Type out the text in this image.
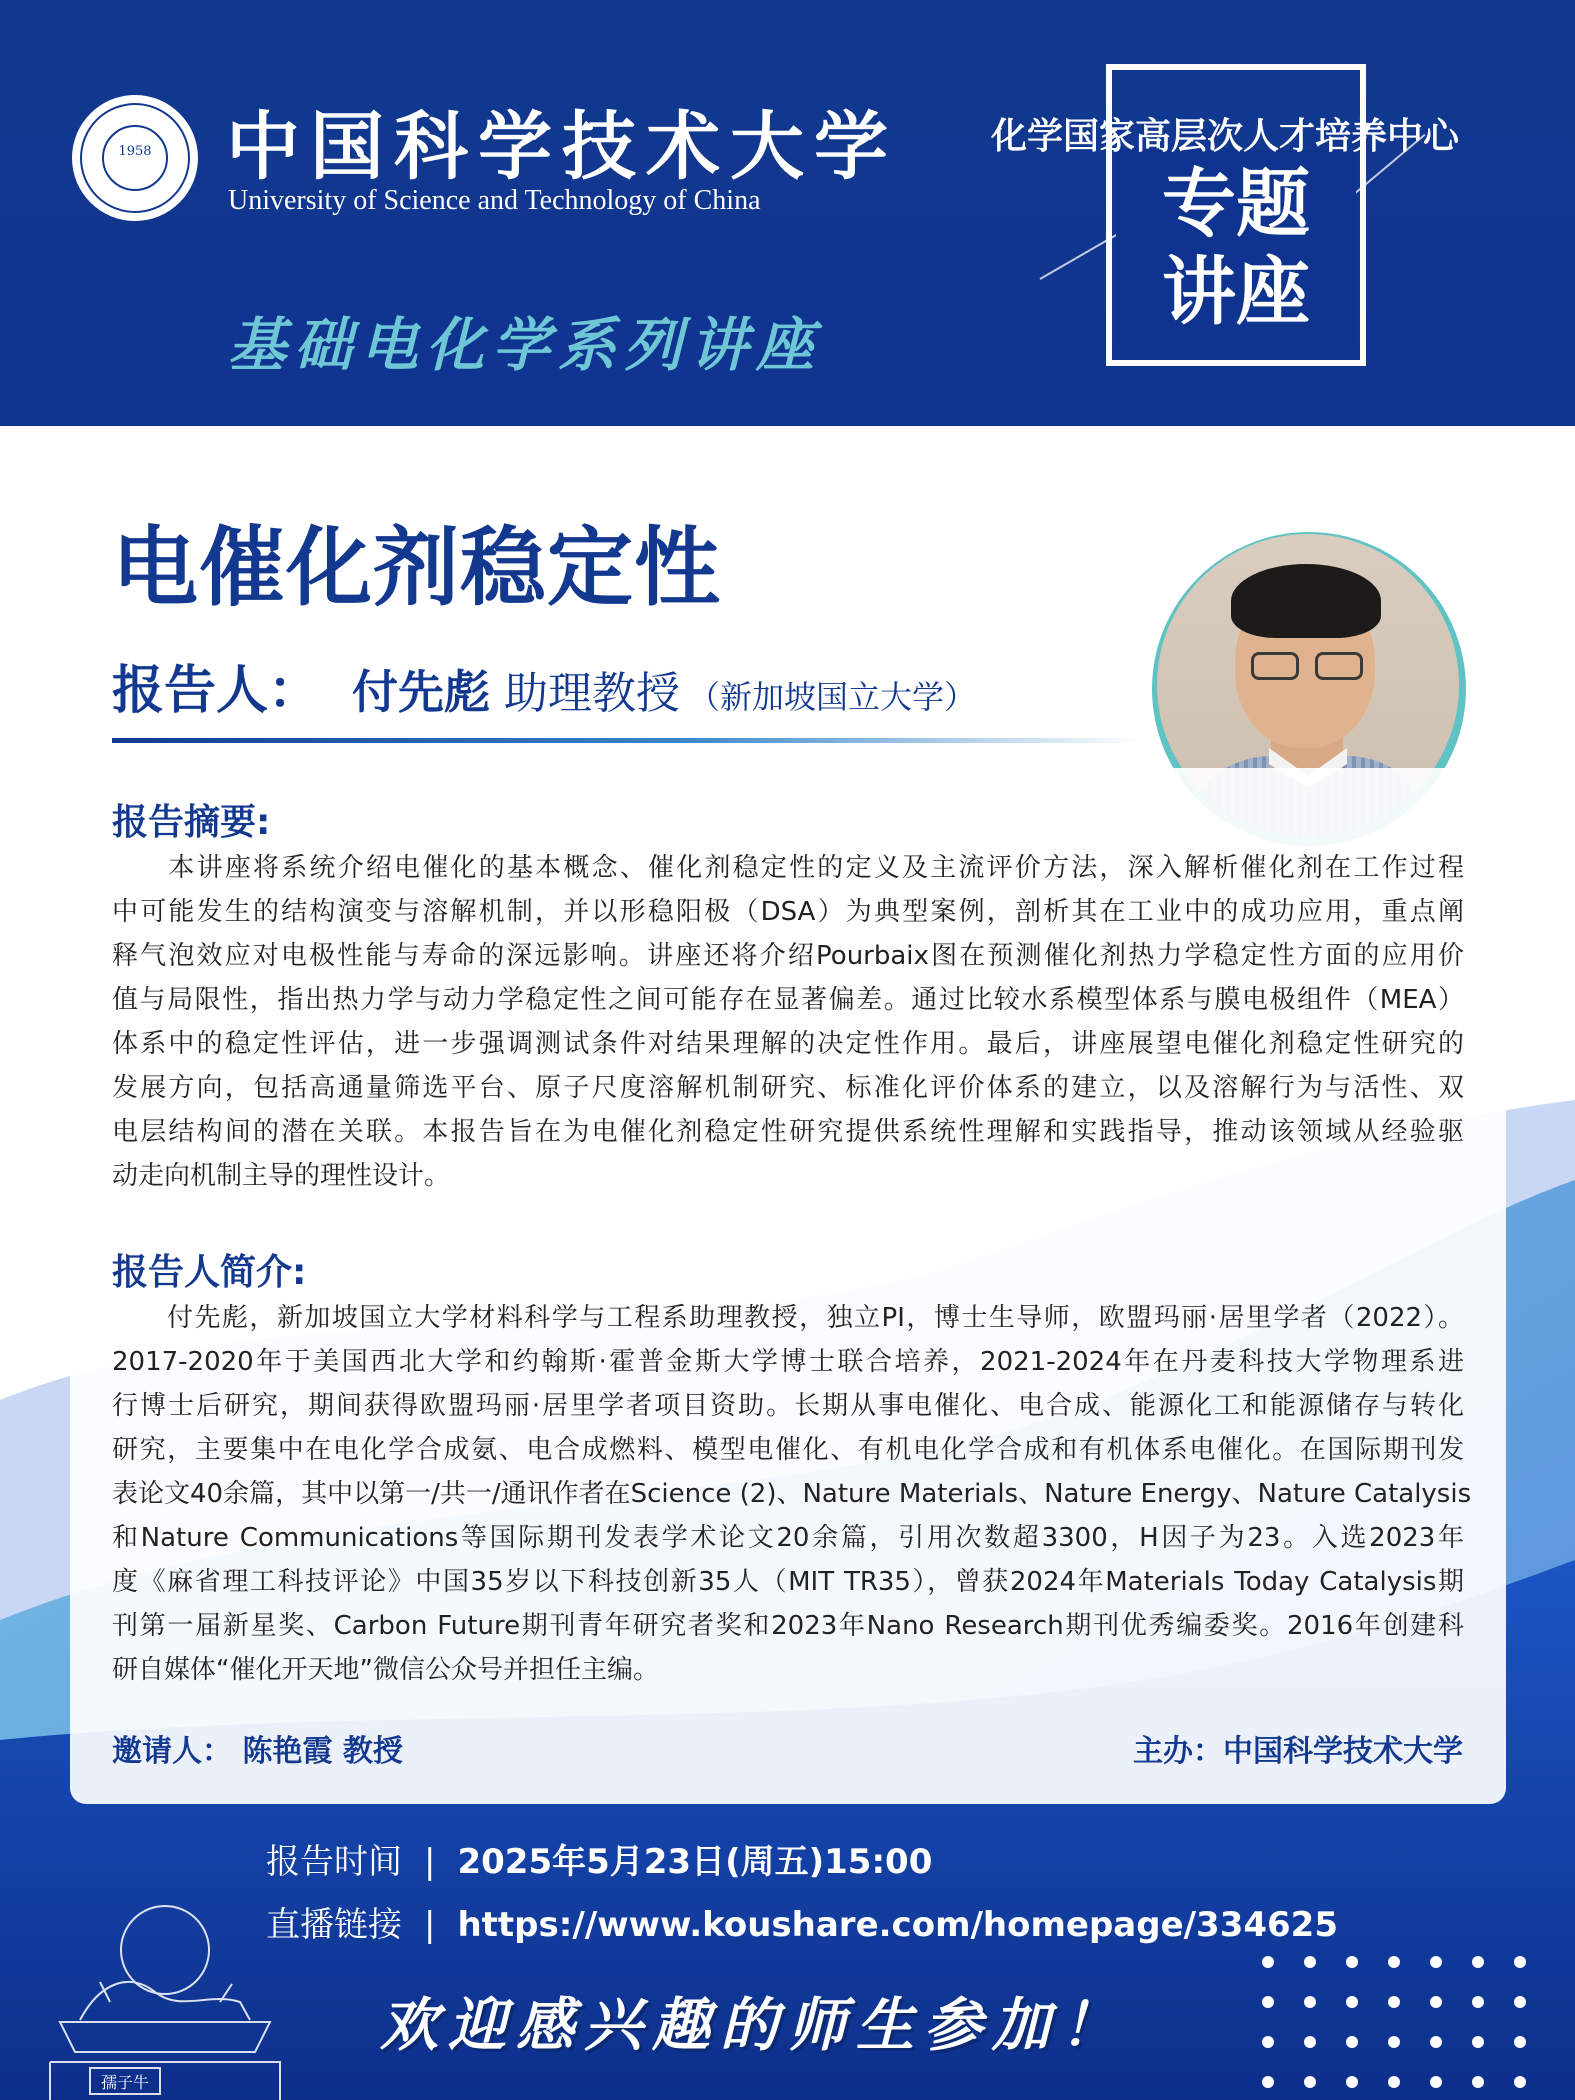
1958	中国科学技术大学
University of Science and Technology of China
基础电化学系列讲座
化学国家高层次人才培养中心
专题
讲座
电催化剂稳定性
报告人： 付先彪 助理教授 （新加坡国立大学）
报告摘要:
　　本讲座将系统介绍电催化的基本概念、催化剂稳定性的定义及主流评价方法，深入解析催化剂在工作过程
中可能发生的结构演变与溶解机制，并以形稳阳极（DSA）为典型案例，剖析其在工业中的成功应用，重点阐
释气泡效应对电极性能与寿命的深远影响。讲座还将介绍Pourbaix图在预测催化剂热力学稳定性方面的应用价
值与局限性，指出热力学与动力学稳定性之间可能存在显著偏差。通过比较水系模型体系与膜电极组件（MEA）
体系中的稳定性评估，进一步强调测试条件对结果理解的决定性作用。最后，讲座展望电催化剂稳定性研究的
发展方向，包括高通量筛选平台、原子尺度溶解机制研究、标准化评价体系的建立，以及溶解行为与活性、双
电层结构间的潜在关联。本报告旨在为电催化剂稳定性研究提供系统性理解和实践指导，推动该领域从经验驱
动走向机制主导的理性设计。
报告人简介:
　　付先彪，新加坡国立大学材料科学与工程系助理教授，独立PI，博士生导师，欧盟玛丽·居里学者（2022）。
2017-2020年于美国西北大学和约翰斯·霍普金斯大学博士联合培养，2021-2024年在丹麦科技大学物理系进
行博士后研究，期间获得欧盟玛丽·居里学者项目资助。长期从事电催化、电合成、能源化工和能源储存与转化
研究，主要集中在电化学合成氨、电合成燃料、模型电催化、有机电化学合成和有机体系电催化。在国际期刊发
表论文40余篇，其中以第一/共一/通讯作者在Science (2)、Nature Materials、Nature Energy、Nature Catalysis
和Nature Communications等国际期刊发表学术论文20余篇，引用次数超3300，H因子为23。入选2023年
度《麻省理工科技评论》中国35岁以下科技创新35人（MIT TR35），曾获2024年Materials Today Catalysis期
刊第一届新星奖、Carbon Future期刊青年研究者奖和2023年Nano Research期刊优秀编委奖。2016年创建科
研自媒体“催化开天地”微信公众号并担任主编。
邀请人： 陈艳霞 教授	主办：中国科学技术大学
报告时间 | 2025年5月23日(周五)15:00
直播链接 | https://www.koushare.com/homepage/334625
欢迎感兴趣的师生参加！
孺子牛
